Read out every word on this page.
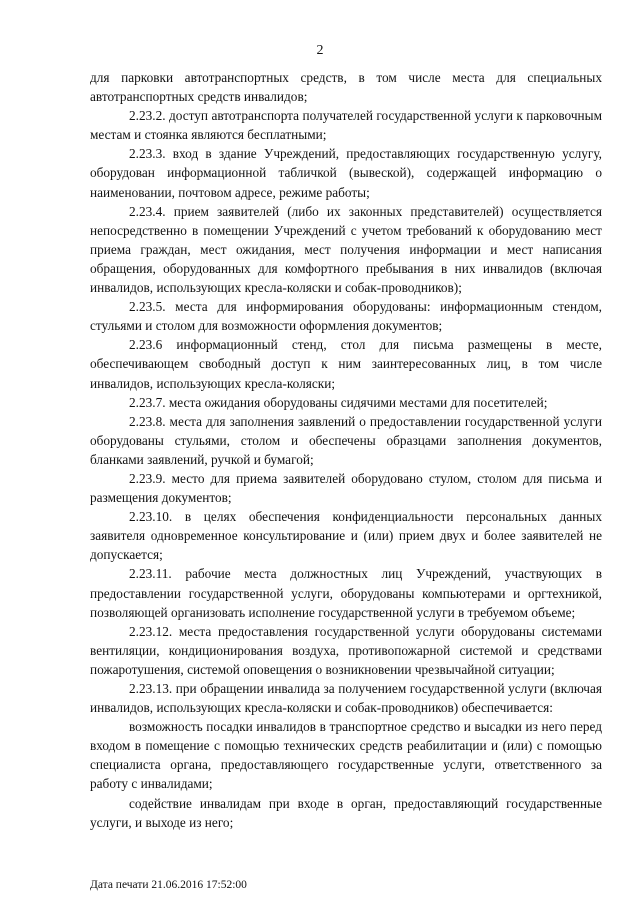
2

для парковки автотранспортных средств, в том числе места для специальных автотранспортных средств инвалидов;

2.23.2. доступ автотранспорта получателей государственной услуги к парковочным местам и стоянка являются бесплатными;

2.23.3. вход в здание Учреждений, предоставляющих государственную услугу, оборудован информационной табличкой (вывеской), содержащей информацию о наименовании, почтовом адресе, режиме работы;

2.23.4. прием заявителей (либо их законных представителей) осуществляется непосредственно в помещении Учреждений с учетом требований к оборудованию мест приема граждан, мест ожидания, мест получения информации и мест написания обращения, оборудованных для комфортного пребывания в них инвалидов (включая инвалидов, использующих кресла-коляски и собак-проводников);

2.23.5. места для информирования оборудованы: информационным стендом, стульями и столом для возможности оформления документов;

2.23.6 информационный стенд, стол для письма размещены в месте, обеспечивающем свободный доступ к ним заинтересованных лиц, в том числе инвалидов, использующих кресла-коляски;

2.23.7. места ожидания оборудованы сидячими местами для посетителей;

2.23.8. места для заполнения заявлений о предоставлении государственной услуги оборудованы стульями, столом и обеспечены образцами заполнения документов, бланками заявлений, ручкой и бумагой;

2.23.9. место для приема заявителей оборудовано стулом, столом для письма и размещения документов;

2.23.10. в целях обеспечения конфиденциальности персональных данных заявителя одновременное консультирование и (или) прием двух и более заявителей не допускается;

2.23.11. рабочие места должностных лиц Учреждений, участвующих в предоставлении государственной услуги, оборудованы компьютерами и оргтехникой, позволяющей организовать исполнение государственной услуги в требуемом объеме;

2.23.12. места предоставления государственной услуги оборудованы системами вентиляции, кондиционирования воздуха, противопожарной системой и средствами пожаротушения, системой оповещения о возникновении чрезвычайной ситуации;

2.23.13. при обращении инвалида за получением государственной услуги (включая инвалидов, использующих кресла-коляски и собак-проводников) обеспечивается:

возможность посадки инвалидов в транспортное средство и высадки из него перед входом в помещение с помощью технических средств реабилитации и (или) с помощью специалиста органа, предоставляющего государственные услуги, ответственного за работу с инвалидами;

содействие инвалидам при входе в орган, предоставляющий государственные услуги, и выходе из него;

Дата печати 21.06.2016 17:52:00
